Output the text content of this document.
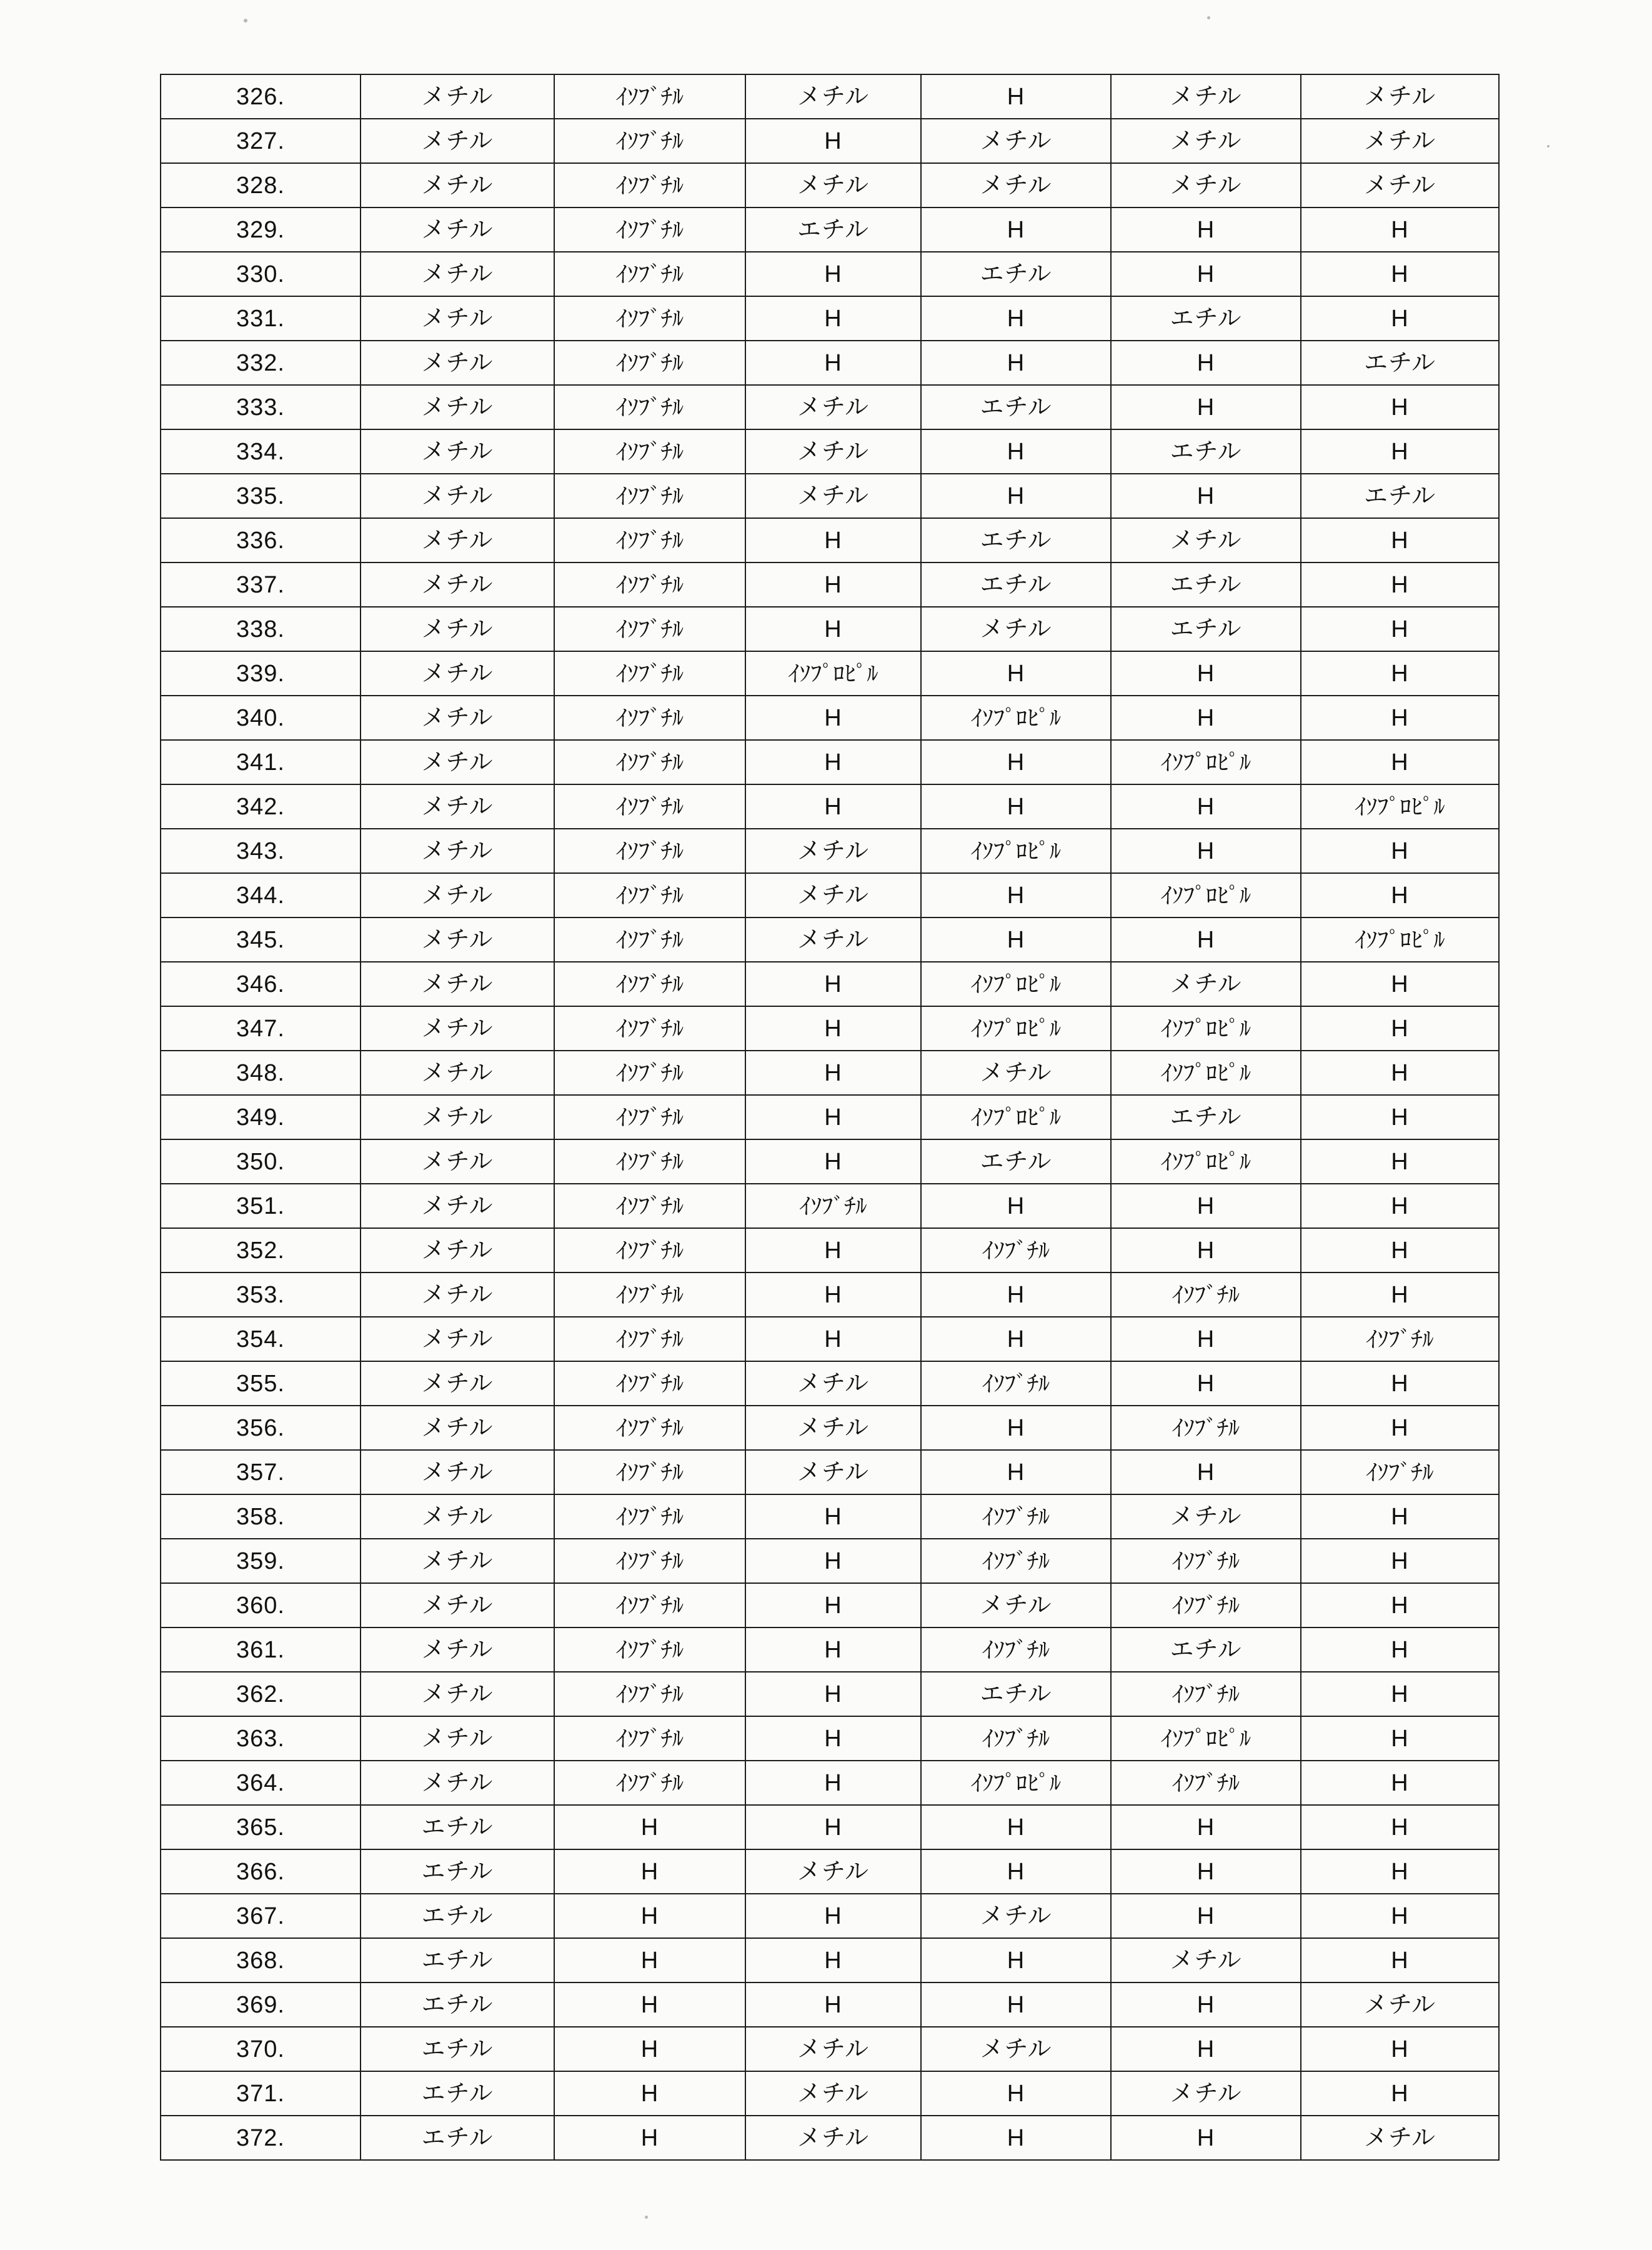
326.	メチル	ｲｿﾌﾞﾁﾙ	メチル	H	メチル	メチル
327.	メチル	ｲｿﾌﾞﾁﾙ	H	メチル	メチル	メチル
328.	メチル	ｲｿﾌﾞﾁﾙ	メチル	メチル	メチル	メチル
329.	メチル	ｲｿﾌﾞﾁﾙ	エチル	H	H	H
330.	メチル	ｲｿﾌﾞﾁﾙ	H	エチル	H	H
331.	メチル	ｲｿﾌﾞﾁﾙ	H	H	エチル	H
332.	メチル	ｲｿﾌﾞﾁﾙ	H	H	H	エチル
333.	メチル	ｲｿﾌﾞﾁﾙ	メチル	エチル	H	H
334.	メチル	ｲｿﾌﾞﾁﾙ	メチル	H	エチル	H
335.	メチル	ｲｿﾌﾞﾁﾙ	メチル	H	H	エチル
336.	メチル	ｲｿﾌﾞﾁﾙ	H	エチル	メチル	H
337.	メチル	ｲｿﾌﾞﾁﾙ	H	エチル	エチル	H
338.	メチル	ｲｿﾌﾞﾁﾙ	H	メチル	エチル	H
339.	メチル	ｲｿﾌﾞﾁﾙ	ｲｿﾌﾟﾛﾋﾟﾙ	H	H	H
340.	メチル	ｲｿﾌﾞﾁﾙ	H	ｲｿﾌﾟﾛﾋﾟﾙ	H	H
341.	メチル	ｲｿﾌﾞﾁﾙ	H	H	ｲｿﾌﾟﾛﾋﾟﾙ	H
342.	メチル	ｲｿﾌﾞﾁﾙ	H	H	H	ｲｿﾌﾟﾛﾋﾟﾙ
343.	メチル	ｲｿﾌﾞﾁﾙ	メチル	ｲｿﾌﾟﾛﾋﾟﾙ	H	H
344.	メチル	ｲｿﾌﾞﾁﾙ	メチル	H	ｲｿﾌﾟﾛﾋﾟﾙ	H
345.	メチル	ｲｿﾌﾞﾁﾙ	メチル	H	H	ｲｿﾌﾟﾛﾋﾟﾙ
346.	メチル	ｲｿﾌﾞﾁﾙ	H	ｲｿﾌﾟﾛﾋﾟﾙ	メチル	H
347.	メチル	ｲｿﾌﾞﾁﾙ	H	ｲｿﾌﾟﾛﾋﾟﾙ	ｲｿﾌﾟﾛﾋﾟﾙ	H
348.	メチル	ｲｿﾌﾞﾁﾙ	H	メチル	ｲｿﾌﾟﾛﾋﾟﾙ	H
349.	メチル	ｲｿﾌﾞﾁﾙ	H	ｲｿﾌﾟﾛﾋﾟﾙ	エチル	H
350.	メチル	ｲｿﾌﾞﾁﾙ	H	エチル	ｲｿﾌﾟﾛﾋﾟﾙ	H
351.	メチル	ｲｿﾌﾞﾁﾙ	ｲｿﾌﾞﾁﾙ	H	H	H
352.	メチル	ｲｿﾌﾞﾁﾙ	H	ｲｿﾌﾞﾁﾙ	H	H
353.	メチル	ｲｿﾌﾞﾁﾙ	H	H	ｲｿﾌﾞﾁﾙ	H
354.	メチル	ｲｿﾌﾞﾁﾙ	H	H	H	ｲｿﾌﾞﾁﾙ
355.	メチル	ｲｿﾌﾞﾁﾙ	メチル	ｲｿﾌﾞﾁﾙ	H	H
356.	メチル	ｲｿﾌﾞﾁﾙ	メチル	H	ｲｿﾌﾞﾁﾙ	H
357.	メチル	ｲｿﾌﾞﾁﾙ	メチル	H	H	ｲｿﾌﾞﾁﾙ
358.	メチル	ｲｿﾌﾞﾁﾙ	H	ｲｿﾌﾞﾁﾙ	メチル	H
359.	メチル	ｲｿﾌﾞﾁﾙ	H	ｲｿﾌﾞﾁﾙ	ｲｿﾌﾞﾁﾙ	H
360.	メチル	ｲｿﾌﾞﾁﾙ	H	メチル	ｲｿﾌﾞﾁﾙ	H
361.	メチル	ｲｿﾌﾞﾁﾙ	H	ｲｿﾌﾞﾁﾙ	エチル	H
362.	メチル	ｲｿﾌﾞﾁﾙ	H	エチル	ｲｿﾌﾞﾁﾙ	H
363.	メチル	ｲｿﾌﾞﾁﾙ	H	ｲｿﾌﾞﾁﾙ	ｲｿﾌﾟﾛﾋﾟﾙ	H
364.	メチル	ｲｿﾌﾞﾁﾙ	H	ｲｿﾌﾟﾛﾋﾟﾙ	ｲｿﾌﾞﾁﾙ	H
365.	エチル	H	H	H	H	H
366.	エチル	H	メチル	H	H	H
367.	エチル	H	H	メチル	H	H
368.	エチル	H	H	H	メチル	H
369.	エチル	H	H	H	H	メチル
370.	エチル	H	メチル	メチル	H	H
371.	エチル	H	メチル	H	メチル	H
372.	エチル	H	メチル	H	H	メチル
